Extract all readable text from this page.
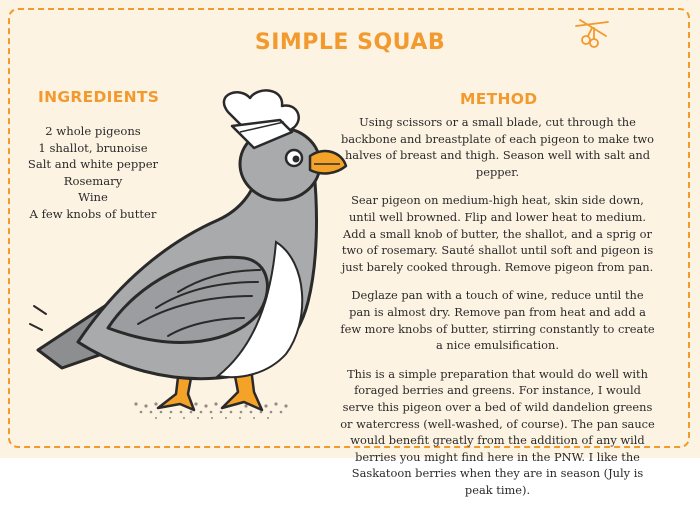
SIMPLE SQUAB
INGREDIENTS
2 whole pigeons
1 shallot, brunoise
Salt and white pepper
Rosemary
Wine
A few knobs of butter
METHOD

Using scissors or a small blade, cut through the backbone and breastplate of each pigeon to make two halves of breast and thigh. Season well with salt and pepper.

Sear pigeon on medium-high heat, skin side down, until well browned. Flip and lower heat to medium. Add a small knob of butter, the shallot, and a sprig or two of rosemary. Sauté shallot until soft and pigeon is just barely cooked through. Remove pigeon from pan.

Deglaze pan with a touch of wine, reduce until the pan is almost dry. Remove pan from heat and add a few more knobs of butter, stirring constantly to create a nice emulsification.

This is a simple preparation that would do well with foraged berries and greens. For instance, I would serve this pigeon over a bed of wild dandelion greens or watercress (well-washed, of course). The pan sauce would benefit greatly from the addition of any wild berries you might find here in the PNW. I like the Saskatoon berries when they are in season (July is peak time).
